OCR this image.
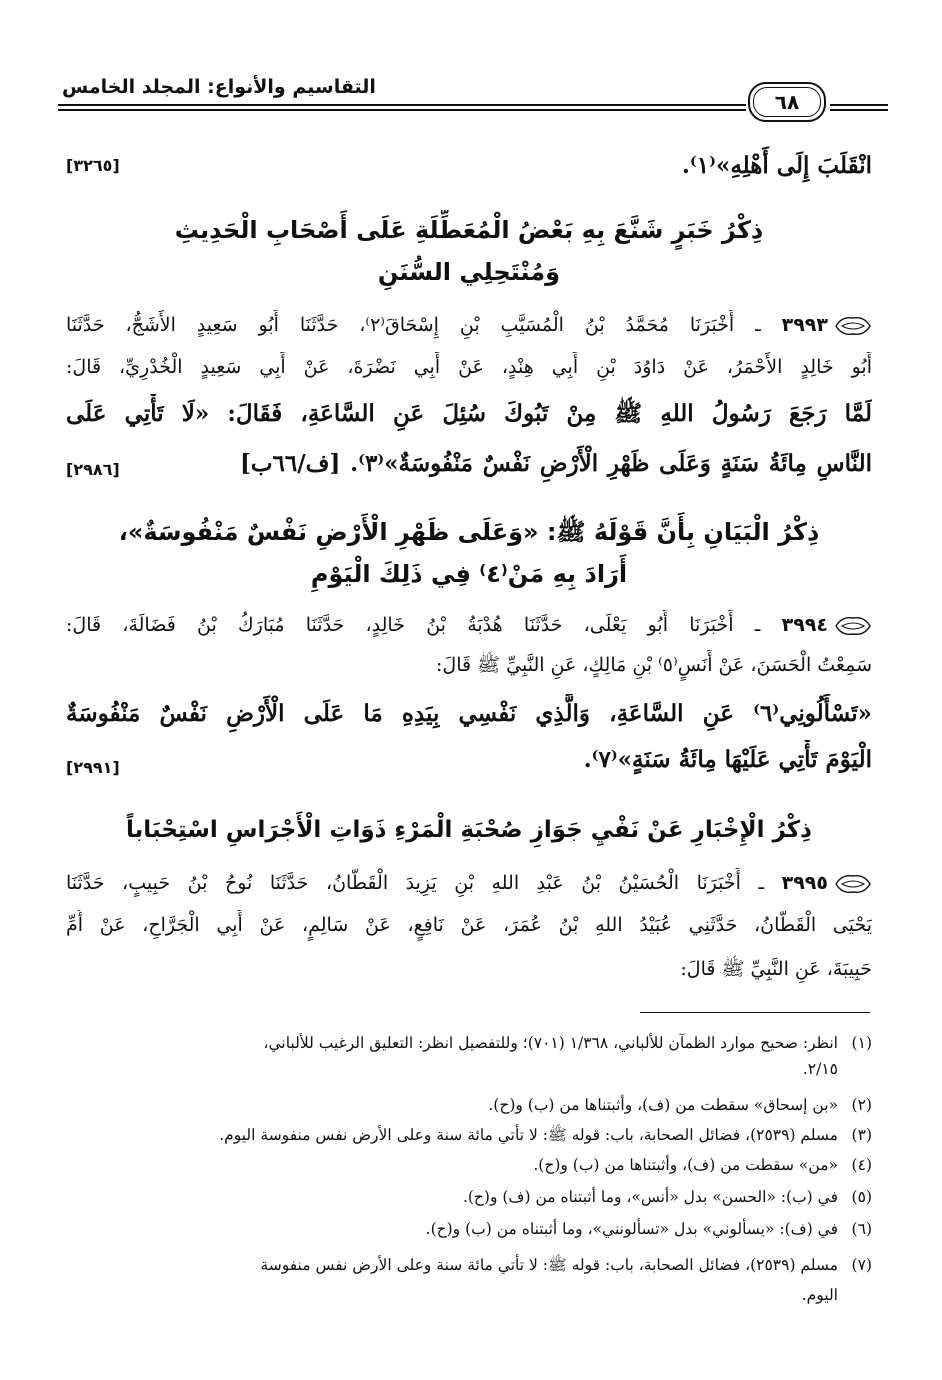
التقاسيم والأنواع: المجلد الخامس
٦٨
انْقَلَبَ إِلَى أَهْلِهِ»⁽١⁾.
[٣٢٦٥]
ذِكْرُ خَبَرٍ شَنَّعَ بِهِ بَعْضُ الْمُعَطِّلَةِ عَلَى أَصْحَابِ الْحَدِيثِ
وَمُنْتَحِلِي السُّنَنِ
٣٩٩٣ ـ أَخْبَرَنَا مُحَمَّدُ بْنُ الْمُسَيَّبِ بْنِ إِسْحَاقَ⁽٢⁾، حَدَّثَنَا أَبُو سَعِيدٍ الأَشَجُّ، حَدَّثَنَا
أَبُو خَالِدٍ الأَحْمَرُ، عَنْ دَاوُدَ بْنِ أَبِي هِنْدٍ، عَنْ أَبِي نَضْرَةَ، عَنْ أَبِي سَعِيدٍ الْخُدْرِيِّ، قَالَ:
لَمَّا رَجَعَ رَسُولُ اللهِ ﷺ مِنْ تَبُوكَ سُئِلَ عَنِ السَّاعَةِ، فَقَالَ: «لَا تَأْتِي عَلَى
النَّاسِ مِائَةُ سَنَةٍ وَعَلَى ظَهْرِ الْأَرْضِ نَفْسٌ مَنْفُوسَةٌ»⁽٣⁾. [ف/٦٦ب]
[٢٩٨٦]
ذِكْرُ الْبَيَانِ بِأَنَّ قَوْلَهُ ﷺ: «وَعَلَى ظَهْرِ الْأَرْضِ نَفْسٌ مَنْفُوسَةٌ»،
أَرَادَ بِهِ مَنْ⁽٤⁾ فِي ذَلِكَ الْيَوْمِ
٣٩٩٤ ـ أَخْبَرَنَا أَبُو يَعْلَى، حَدَّثَنَا هُدْبَةُ بْنُ خَالِدٍ، حَدَّثَنَا مُبَارَكُ بْنُ فَضَالَةَ، قَالَ:
سَمِعْتُ الْحَسَنَ، عَنْ أَنَسٍ⁽٥⁾ بْنِ مَالِكٍ، عَنِ النَّبِيِّ ﷺ قَالَ:
«تَسْأَلُونِي⁽٦⁾ عَنِ السَّاعَةِ، وَالَّذِي نَفْسِي بِيَدِهِ مَا عَلَى الْأَرْضِ نَفْسٌ مَنْفُوسَةٌ
الْيَوْمَ تَأْتِي عَلَيْهَا مِائَةُ سَنَةٍ»⁽٧⁾.
[٢٩٩١]
ذِكْرُ الْإِخْبَارِ عَنْ نَفْيِ جَوَازِ صُحْبَةِ الْمَرْءِ ذَوَاتِ الْأَجْرَاسِ اسْتِحْبَاباً
٣٩٩٥ ـ أَخْبَرَنَا الْحُسَيْنُ بْنُ عَبْدِ اللهِ بْنِ يَزِيدَ الْقَطَّانُ، حَدَّثَنَا نُوحُ بْنُ حَبِيبٍ، حَدَّثَنَا
يَحْيَى الْقَطَّانُ، حَدَّثَنِي عُبَيْدُ اللهِ بْنُ عُمَرَ، عَنْ نَافِعٍ، عَنْ سَالِمٍ، عَنْ أَبِي الْجَرَّاحِ، عَنْ أُمِّ
حَبِيبَةَ، عَنِ النَّبِيِّ ﷺ قَالَ:
(١)انظر: صحيح موارد الظمآن للألباني، ١/٣٦٨ (٧٠١)؛ وللتفصيل انظر: التعليق الرغيب للألباني،
٢/١٥.
(٢)«بن إسحاق» سقطت من (ف)، وأثبتناها من (ب) و(ح).
(٣)مسلم (٢٥٣٩)، فضائل الصحابة، باب: قوله ﷺ: لا تأتي مائة سنة وعلى الأرض نفس منفوسة اليوم.
(٤)«من» سقطت من (ف)، وأثبتناها من (ب) و(ح).
(٥)في (ب): «الحسن» بدل «أنس»، وما أثبتناه من (ف) و(ح).
(٦)في (ف): «يسألوني» بدل «تسألونني»، وما أثبتناه من (ب) و(ح).
(٧)مسلم (٢٥٣٩)، فضائل الصحابة، باب: قوله ﷺ: لا تأتي مائة سنة وعلى الأرض نفس منفوسة
اليوم.
